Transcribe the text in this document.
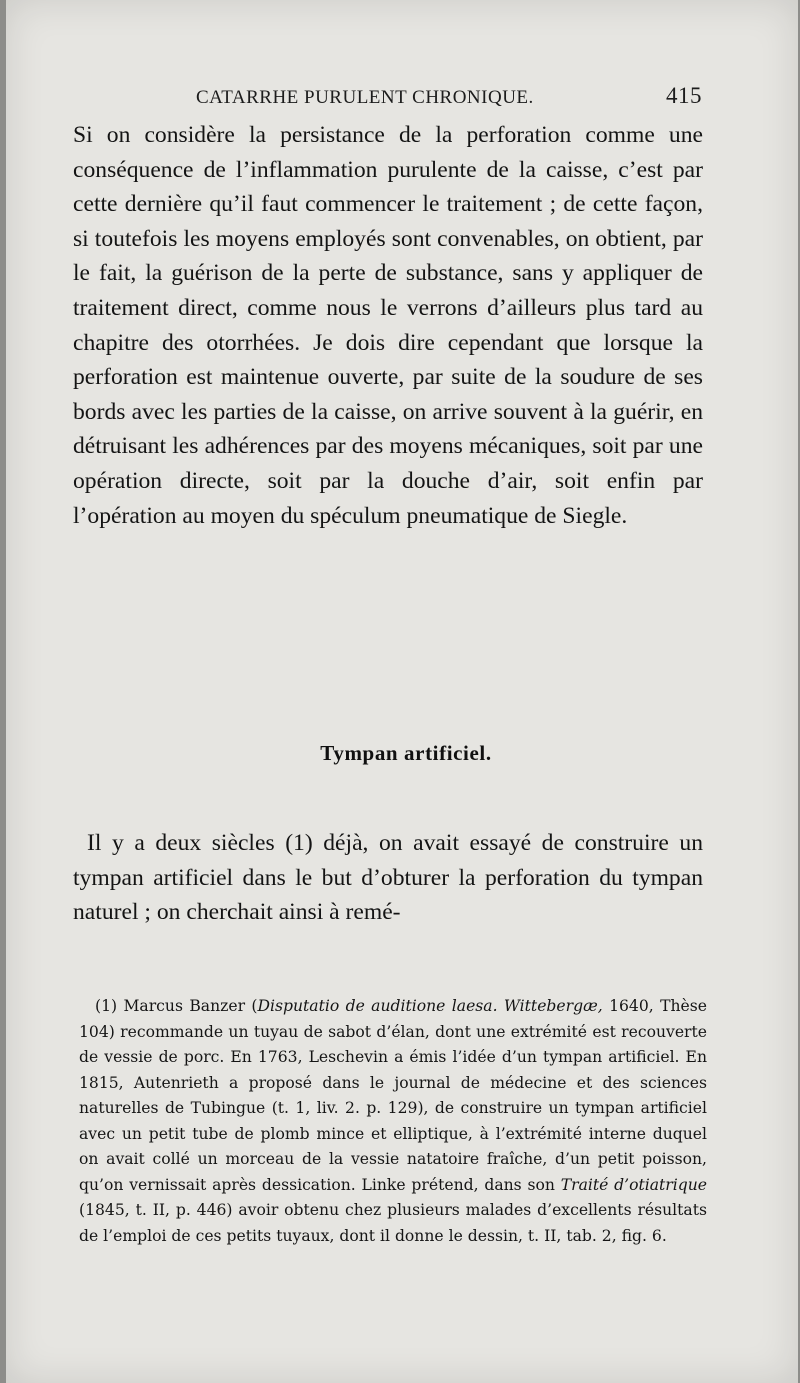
CATARRHE PURULENT CHRONIQUE.	415

Si on considère la persistance de la perforation comme une conséquence de l’inflammation purulente de la caisse, c’est par cette dernière qu’il faut commencer le traitement ; de cette façon, si toutefois les moyens employés sont convenables, on obtient, par le fait, la guérison de la perte de substance, sans y appliquer de traitement direct, comme nous le verrons d’ailleurs plus tard au chapitre des otorrhées. Je dois dire cependant que lorsque la perforation est maintenue ouverte, par suite de la soudure de ses bords avec les parties de la caisse, on arrive souvent à la guérir, en détruisant les adhérences par des moyens mécaniques, soit par une opération directe, soit par la douche d’air, soit enfin par l’opération au moyen du spéculum pneumatique de Siegle.

Tympan artificiel.

Il y a deux siècles (1) déjà, on avait essayé de construire un tympan artificiel dans le but d’obturer la perforation du tympan naturel ; on cherchait ainsi à remé-

(1) Marcus Banzer (Disputatio de auditione laesa. Wittebergæ, 1640, Thèse 104) recommande un tuyau de sabot d’élan, dont une extrémité est recouverte de vessie de porc. En 1763, Leschevin a émis l’idée d’un tympan artificiel. En 1815, Autenrieth a proposé dans le journal de médecine et des sciences naturelles de Tubingue (t. 1, liv. 2. p. 129), de construire un tympan artificiel avec un petit tube de plomb mince et elliptique, à l’extrémité interne duquel on avait collé un morceau de la vessie natatoire fraîche, d’un petit poisson, qu’on vernissait après dessication. Linke prétend, dans son Traité d’otiatrique (1845, t. II, p. 446) avoir obtenu chez plusieurs malades d’excellents résultats de l’emploi de ces petits tuyaux, dont il donne le dessin, t. II, tab. 2, fig. 6.
